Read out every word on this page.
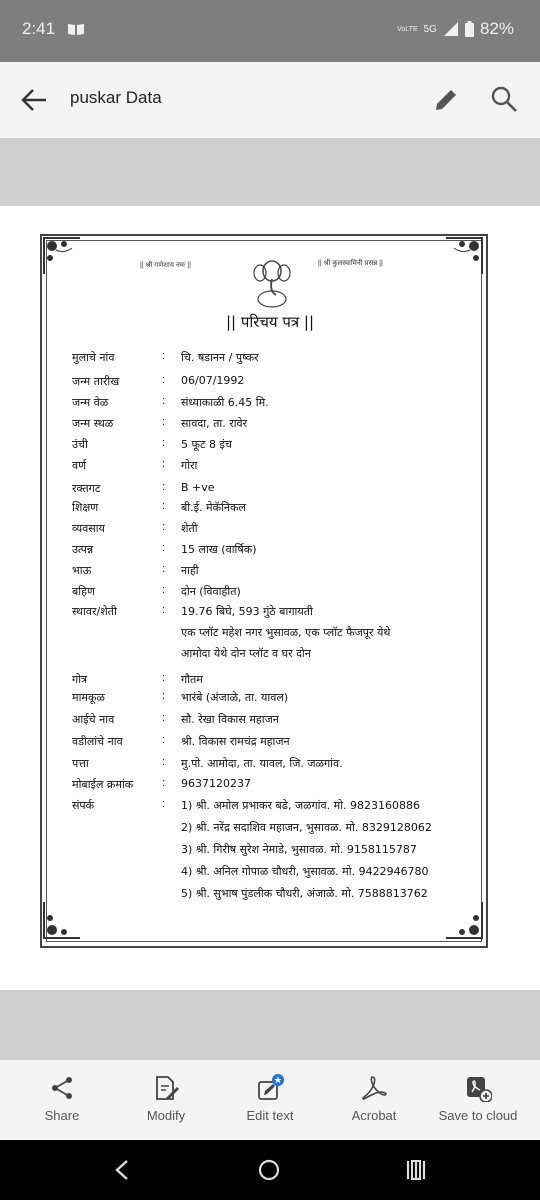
2:41	VoLTE 5G	82%
puskar Data
|| श्री गणेशाय नमः ||	|| श्री कुलस्वामिनी प्रसन्न ||
|| परिचय पत्र ||
मुलाचे नांव	: चि. षडानन / पुष्कर
जन्म तारीख	: 06/07/1992
जन्म वेळ	: संध्याकाळी 6.45 मि.
जन्म स्थळ	: सावदा, ता. रावेर
उंची	: 5 फूट 8 इंच
वर्ण	: गोरा
रक्तगट	: B +ve
शिक्षण	: बी.ई. मेकॅनिकल
व्यवसाय	: शेती
उत्पन्न	: 15 लाख (वार्षिक)
भाऊ	: नाही
बहिण	: दोन (विवाहीत)
स्थावर/शेती	: 19.76 बिघे, 593 गुंठे बागायती
एक प्लॉट महेश नगर भुसावळ, एक प्लॉट फैजपूर येथे
आमोदा येथे दोन प्लॉट व घर दोन
गोत्र	: गौतम
मामकूळ	: भारंबे (अंजाळे, ता. यावल)
आईचे नाव	: सौ. रेखा विकास महाजन
वडीलांचे नाव	: श्री. विकास रामचंद्र महाजन
पत्ता	: मु.पो. आमोदा, ता. यावल, जि. जळगांव.
मोबाईल क्रमांक	: 9637120237
संपर्क	: 1) श्री. अमोल प्रभाकर बढे, जळगांव. मो. 9823160886
2) श्री. नरेंद्र सदाशिव महाजन, भुसावळ. मो. 8329128062
3) श्री. गिरीष सुरेश नेमाडे, भुसावळ. मो. 9158115787
4) श्री. अनिल गोपाळ चौधरी, भुसावळ. मो. 9422946780
5) श्री. सुभाष पुंडलीक चौधरी, अंजाळे. मो. 7588813762
Share	Modify	Edit text	Acrobat	Save to cloud
